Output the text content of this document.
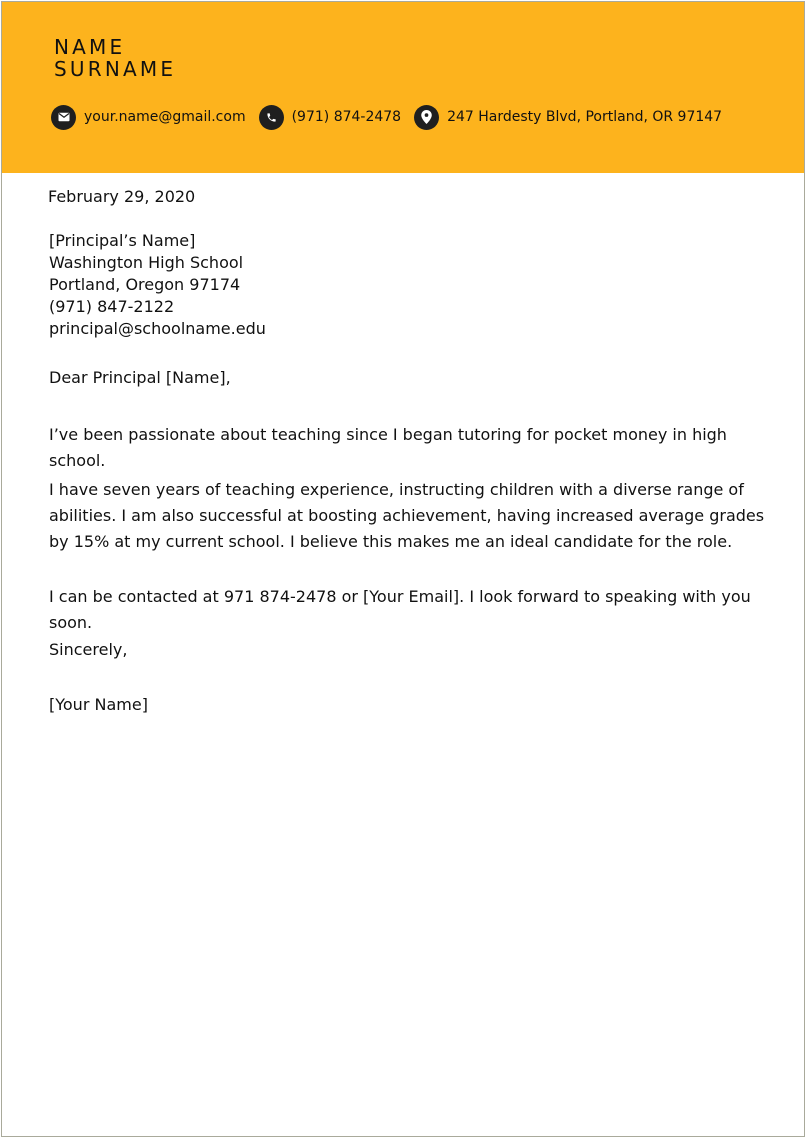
NAME
SURNAME
your.name@gmail.com	(971) 874-2478	247 Hardesty Blvd, Portland, OR 97147
February 29, 2020
[Principal’s Name]
Washington High School
Portland, Oregon 97174
(971) 847-2122
principal@schoolname.edu
Dear Principal [Name],
I’ve been passionate about teaching since I began tutoring for pocket money in high school.
I have seven years of teaching experience, instructing children with a diverse range of abilities. I am also successful at boosting achievement, having increased average grades by 15% at my current school. I believe this makes me an ideal candidate for the role.
I can be contacted at 971 874-2478 or [Your Email]. I look forward to speaking with you soon.
Sincerely,
[Your Name]
